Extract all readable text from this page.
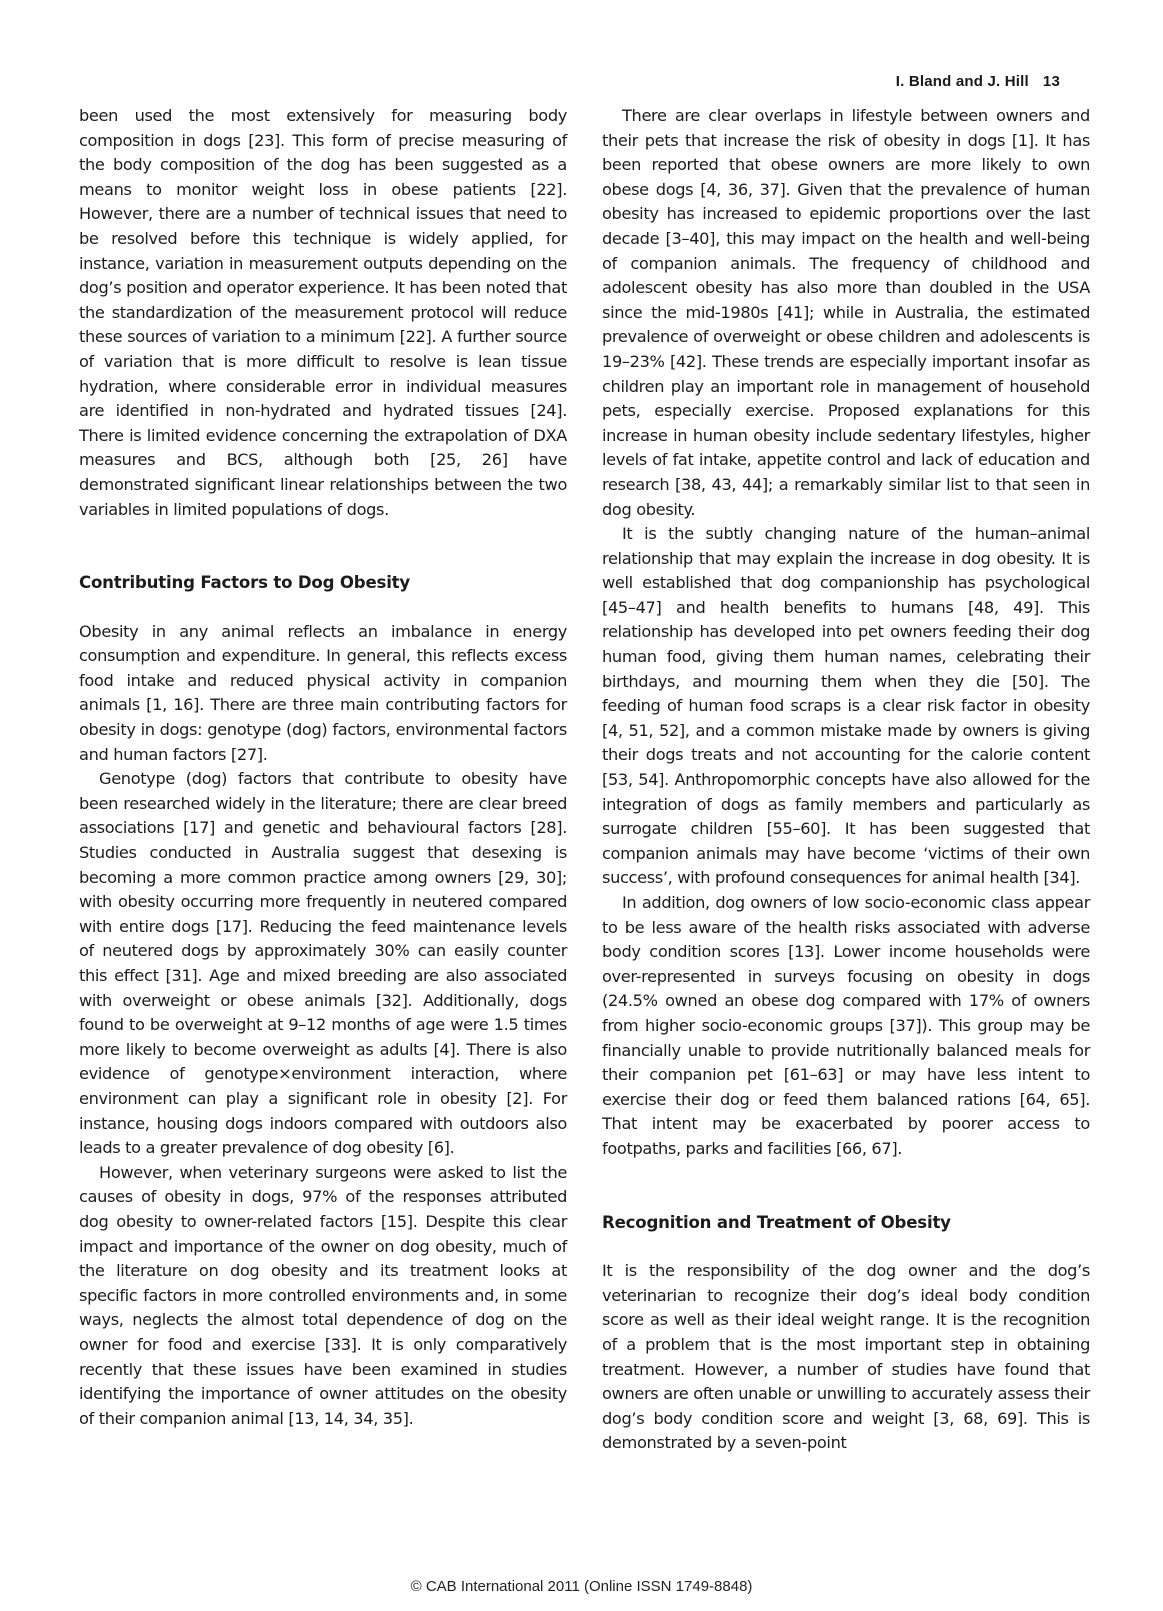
I. Bland and J. Hill 13

been used the most extensively for measuring body composition in dogs [23]. This form of precise measuring of the body composition of the dog has been suggested as a means to monitor weight loss in obese patients [22]. However, there are a number of technical issues that need to be resolved before this technique is widely applied, for instance, variation in measurement outputs depending on the dog’s position and operator experience. It has been noted that the standardization of the measurement protocol will reduce these sources of variation to a minimum [22]. A further source of variation that is more difficult to resolve is lean tissue hydration, where considerable error in individual measures are identified in non-hydrated and hydrated tissues [24]. There is limited evidence concerning the extrapolation of DXA measures and BCS, although both [25, 26] have demonstrated significant linear relationships between the two variables in limited populations of dogs.

Contributing Factors to Dog Obesity

Obesity in any animal reflects an imbalance in energy consumption and expenditure. In general, this reflects excess food intake and reduced physical activity in companion animals [1, 16]. There are three main contributing factors for obesity in dogs: genotype (dog) factors, environmental factors and human factors [27].

Genotype (dog) factors that contribute to obesity have been researched widely in the literature; there are clear breed associations [17] and genetic and behavioural factors [28]. Studies conducted in Australia suggest that desexing is becoming a more common practice among owners [29, 30]; with obesity occurring more frequently in neutered compared with entire dogs [17]. Reducing the feed maintenance levels of neutered dogs by approximately 30% can easily counter this effect [31]. Age and mixed breeding are also associated with overweight or obese animals [32]. Additionally, dogs found to be overweight at 9–12 months of age were 1.5 times more likely to become overweight as adults [4]. There is also evidence of genotype×environment interaction, where environment can play a significant role in obesity [2]. For instance, housing dogs indoors compared with outdoors also leads to a greater prevalence of dog obesity [6].

However, when veterinary surgeons were asked to list the causes of obesity in dogs, 97% of the responses attributed dog obesity to owner-related factors [15]. Despite this clear impact and importance of the owner on dog obesity, much of the literature on dog obesity and its treatment looks at specific factors in more controlled environments and, in some ways, neglects the almost total dependence of dog on the owner for food and exercise [33]. It is only comparatively recently that these issues have been examined in studies identifying the importance of owner attitudes on the obesity of their companion animal [13, 14, 34, 35].

There are clear overlaps in lifestyle between owners and their pets that increase the risk of obesity in dogs [1]. It has been reported that obese owners are more likely to own obese dogs [4, 36, 37]. Given that the prevalence of human obesity has increased to epidemic proportions over the last decade [3–40], this may impact on the health and well-being of companion animals. The frequency of childhood and adolescent obesity has also more than doubled in the USA since the mid-1980s [41]; while in Australia, the estimated prevalence of overweight or obese children and adolescents is 19–23% [42]. These trends are especially important insofar as children play an important role in management of household pets, especially exercise. Proposed explanations for this increase in human obesity include sedentary lifestyles, higher levels of fat intake, appetite control and lack of education and research [38, 43, 44]; a remarkably similar list to that seen in dog obesity.

It is the subtly changing nature of the human–animal relationship that may explain the increase in dog obesity. It is well established that dog companionship has psychological [45–47] and health benefits to humans [48, 49]. This relationship has developed into pet owners feeding their dog human food, giving them human names, celebrating their birthdays, and mourning them when they die [50]. The feeding of human food scraps is a clear risk factor in obesity [4, 51, 52], and a common mistake made by owners is giving their dogs treats and not accounting for the calorie content [53, 54]. Anthropomorphic concepts have also allowed for the integration of dogs as family members and particularly as surrogate children [55–60]. It has been suggested that companion animals may have become ‘victims of their own success’, with profound consequences for animal health [34].

In addition, dog owners of low socio-economic class appear to be less aware of the health risks associated with adverse body condition scores [13]. Lower income households were over-represented in surveys focusing on obesity in dogs (24.5% owned an obese dog compared with 17% of owners from higher socio-economic groups [37]). This group may be financially unable to provide nutritionally balanced meals for their companion pet [61–63] or may have less intent to exercise their dog or feed them balanced rations [64, 65]. That intent may be exacerbated by poorer access to footpaths, parks and facilities [66, 67].

Recognition and Treatment of Obesity

It is the responsibility of the dog owner and the dog’s veterinarian to recognize their dog’s ideal body condition score as well as their ideal weight range. It is the recognition of a problem that is the most important step in obtaining treatment. However, a number of studies have found that owners are often unable or unwilling to accurately assess their dog’s body condition score and weight [3, 68, 69]. This is demonstrated by a seven-point

© CAB International 2011 (Online ISSN 1749-8848)
